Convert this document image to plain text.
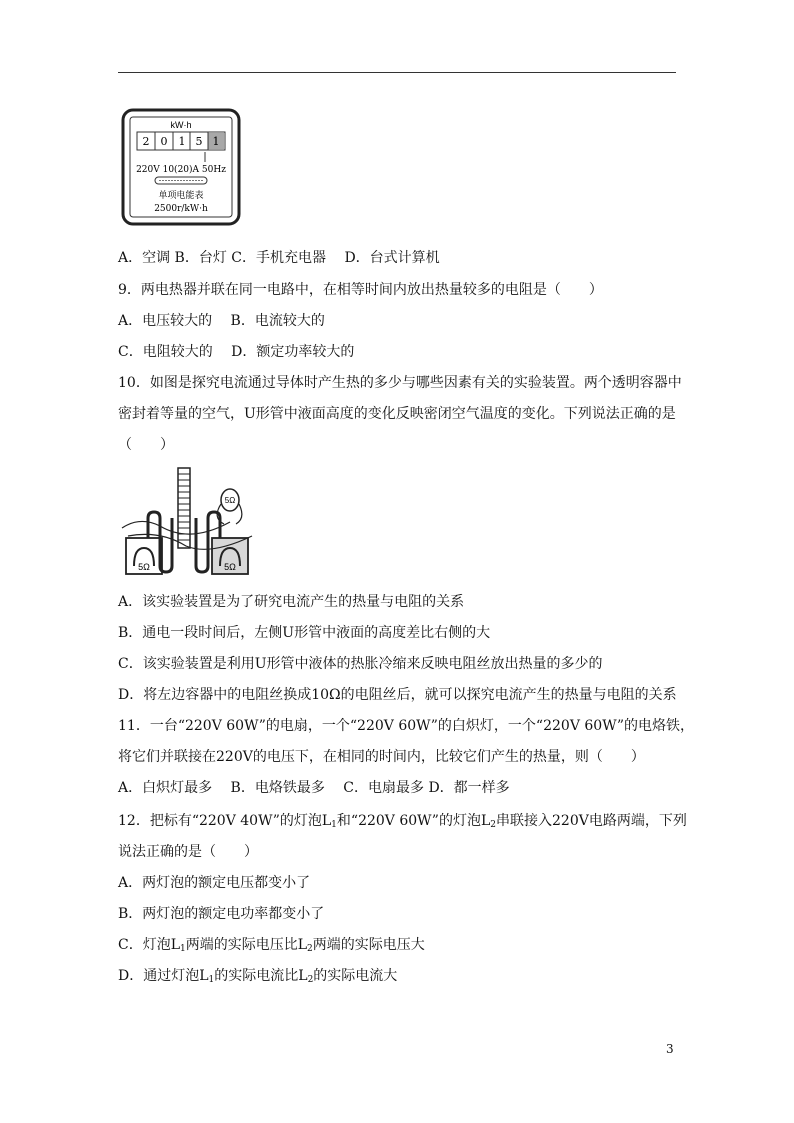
kW·h
2 0 1 5 1
220V 10(20)A 50Hz
单项电能表
2500r/kW·h
A．空调 B．台灯 C．手机充电器　 D．台式计算机
9．两电热器并联在同一电路中，在相等时间内放出热量较多的电阻是（　　）
A．电压较大的　 B．电流较大的
C．电阻较大的　 D．额定功率较大的
10．如图是探究电流通过导体时产生热的多少与哪些因素有关的实验装置。两个透明容器中
密封着等量的空气，U形管中液面高度的变化反映密闭空气温度的变化。下列说法正确的是
（　　）
5Ω	5Ω
5Ω
A．该实验装置是为了研究电流产生的热量与电阻的关系
B．通电一段时间后，左侧U形管中液面的高度差比右侧的大
C．该实验装置是利用U形管中液体的热胀冷缩来反映电阻丝放出热量的多少的
D．将左边容器中的电阻丝换成10Ω的电阻丝后，就可以探究电流产生的热量与电阻的关系
11．一台“220V 60W”的电扇，一个“220V 60W”的白炽灯，一个“220V 60W”的电烙铁，
将它们并联接在220V的电压下，在相同的时间内，比较它们产生的热量，则（　　）
A．白炽灯最多　 B．电烙铁最多　 C．电扇最多 D．都一样多
12．把标有“220V 40W”的灯泡$L_1$和“220V 60W”的灯泡$L_2$串联接入220V电路两端，下列
说法正确的是（　　）
A．两灯泡的额定电压都变小了
B．两灯泡的额定电功率都变小了
C．灯泡$L_1$两端的实际电压比$L_2$两端的实际电压大
D．通过灯泡$L_1$的实际电流比$L_2$的实际电流大
3
